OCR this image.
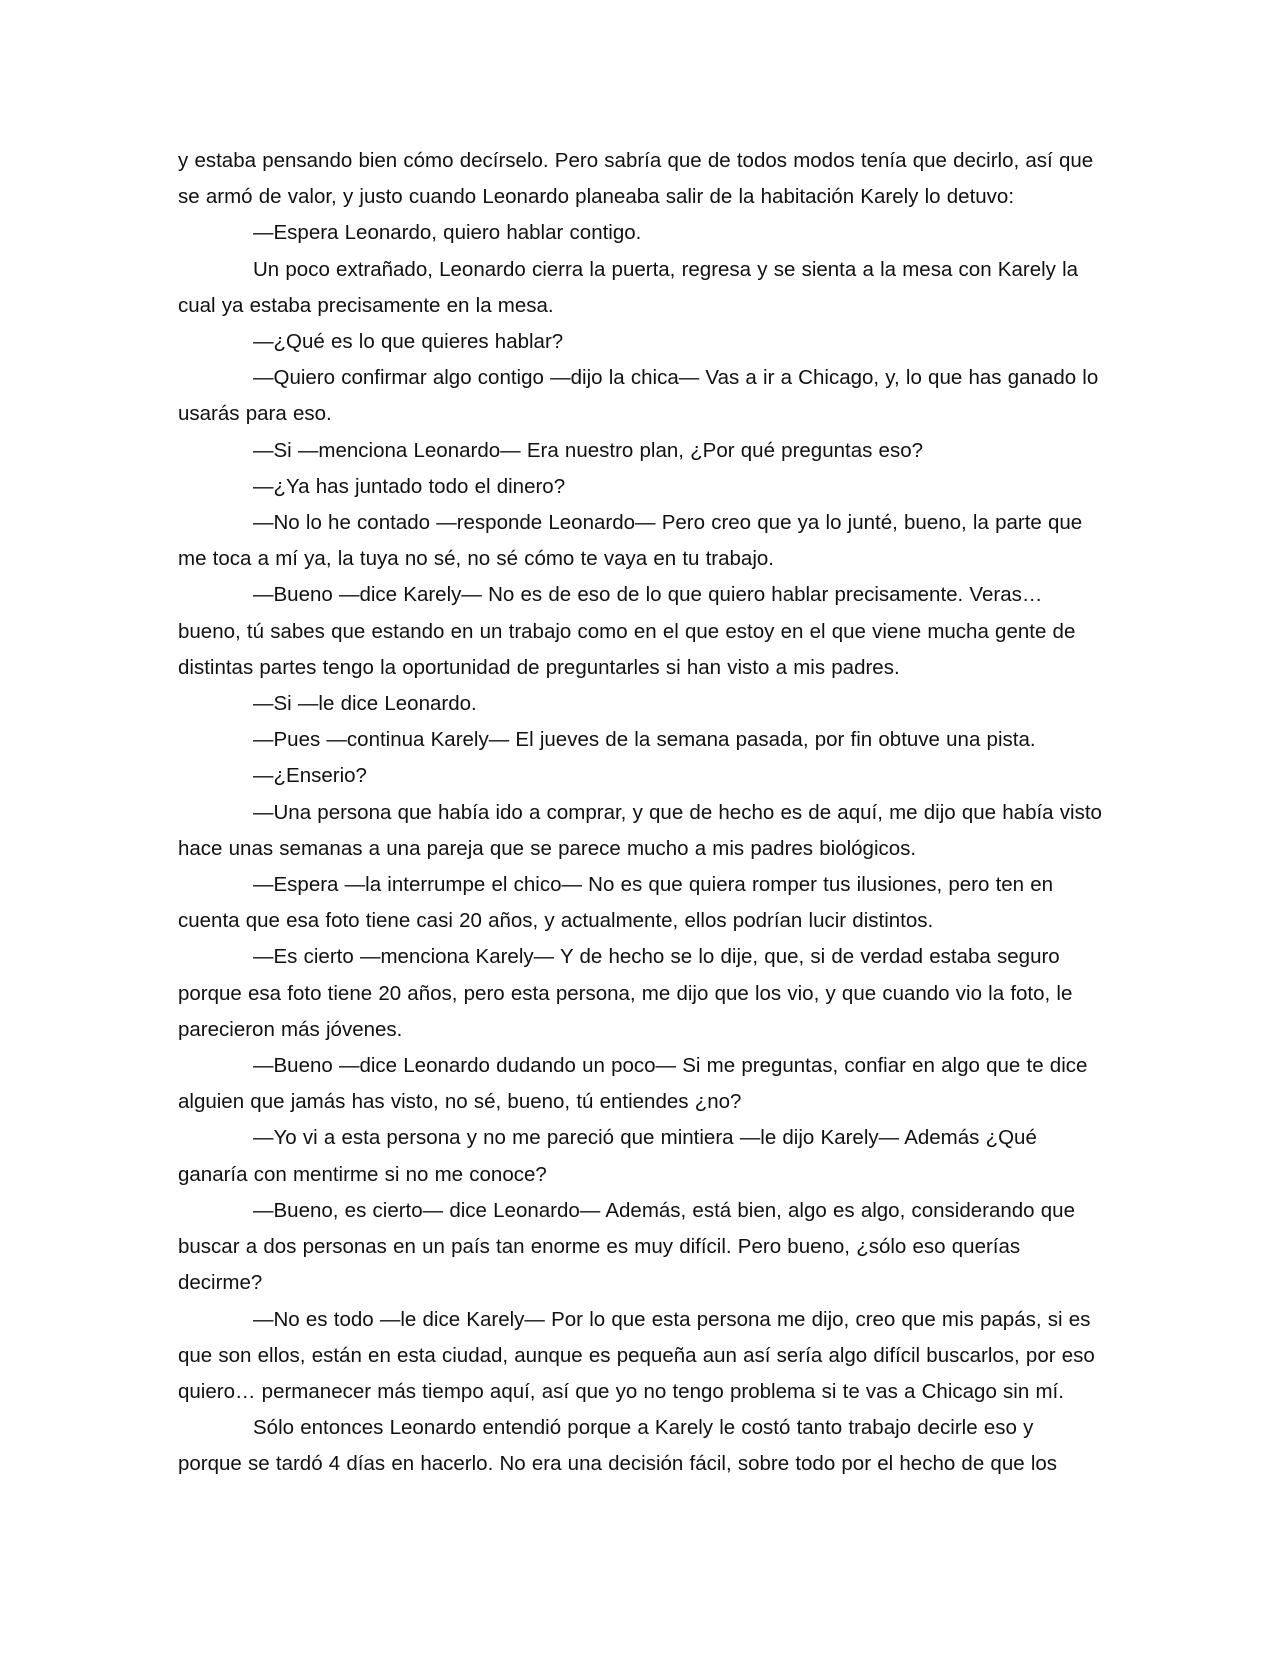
y estaba pensando bien cómo decírselo. Pero sabría que de todos modos tenía que decirlo, así que se armó de valor, y justo cuando Leonardo planeaba salir de la habitación Karely lo detuvo:

—Espera Leonardo, quiero hablar contigo.

Un poco extrañado, Leonardo cierra la puerta, regresa y se sienta a la mesa con Karely la cual ya estaba precisamente en la mesa.

—¿Qué es lo que quieres hablar?

—Quiero confirmar algo contigo —dijo la chica— Vas a ir a Chicago, y, lo que has ganado lo usarás para eso.

—Si —menciona Leonardo— Era nuestro plan, ¿Por qué preguntas eso?

—¿Ya has juntado todo el dinero?

—No lo he contado —responde Leonardo— Pero creo que ya lo junté, bueno, la parte que me toca a mí ya, la tuya no sé, no sé cómo te vaya en tu trabajo.

—Bueno —dice Karely— No es de eso de lo que quiero hablar precisamente. Veras… bueno, tú sabes que estando en un trabajo como en el que estoy en el que viene mucha gente de distintas partes tengo la oportunidad de preguntarles si han visto a mis padres.

—Si —le dice Leonardo.

—Pues —continua Karely— El jueves de la semana pasada, por fin obtuve una pista.

—¿Enserio?

—Una persona que había ido a comprar, y que de hecho es de aquí, me dijo que había visto hace unas semanas a una pareja que se parece mucho a mis padres biológicos.

—Espera —la interrumpe el chico— No es que quiera romper tus ilusiones, pero ten en cuenta que esa foto tiene casi 20 años, y actualmente, ellos podrían lucir distintos.

—Es cierto —menciona Karely— Y de hecho se lo dije, que, si de verdad estaba seguro porque esa foto tiene 20 años, pero esta persona, me dijo que los vio, y que cuando vio la foto, le parecieron más jóvenes.

—Bueno —dice Leonardo dudando un poco— Si me preguntas, confiar en algo que te dice alguien que jamás has visto, no sé, bueno, tú entiendes ¿no?

—Yo vi a esta persona y no me pareció que mintiera —le dijo Karely— Además ¿Qué ganaría con mentirme si no me conoce?

—Bueno, es cierto— dice Leonardo— Además, está bien, algo es algo, considerando que buscar a dos personas en un país tan enorme es muy difícil. Pero bueno, ¿sólo eso querías decirme?

—No es todo —le dice Karely— Por lo que esta persona me dijo, creo que mis papás, si es que son ellos, están en esta ciudad, aunque es pequeña aun así sería algo difícil buscarlos, por eso quiero… permanecer más tiempo aquí, así que yo no tengo problema si te vas a Chicago sin mí.

Sólo entonces Leonardo entendió porque a Karely le costó tanto trabajo decirle eso y porque se tardó 4 días en hacerlo. No era una decisión fácil, sobre todo por el hecho de que los
